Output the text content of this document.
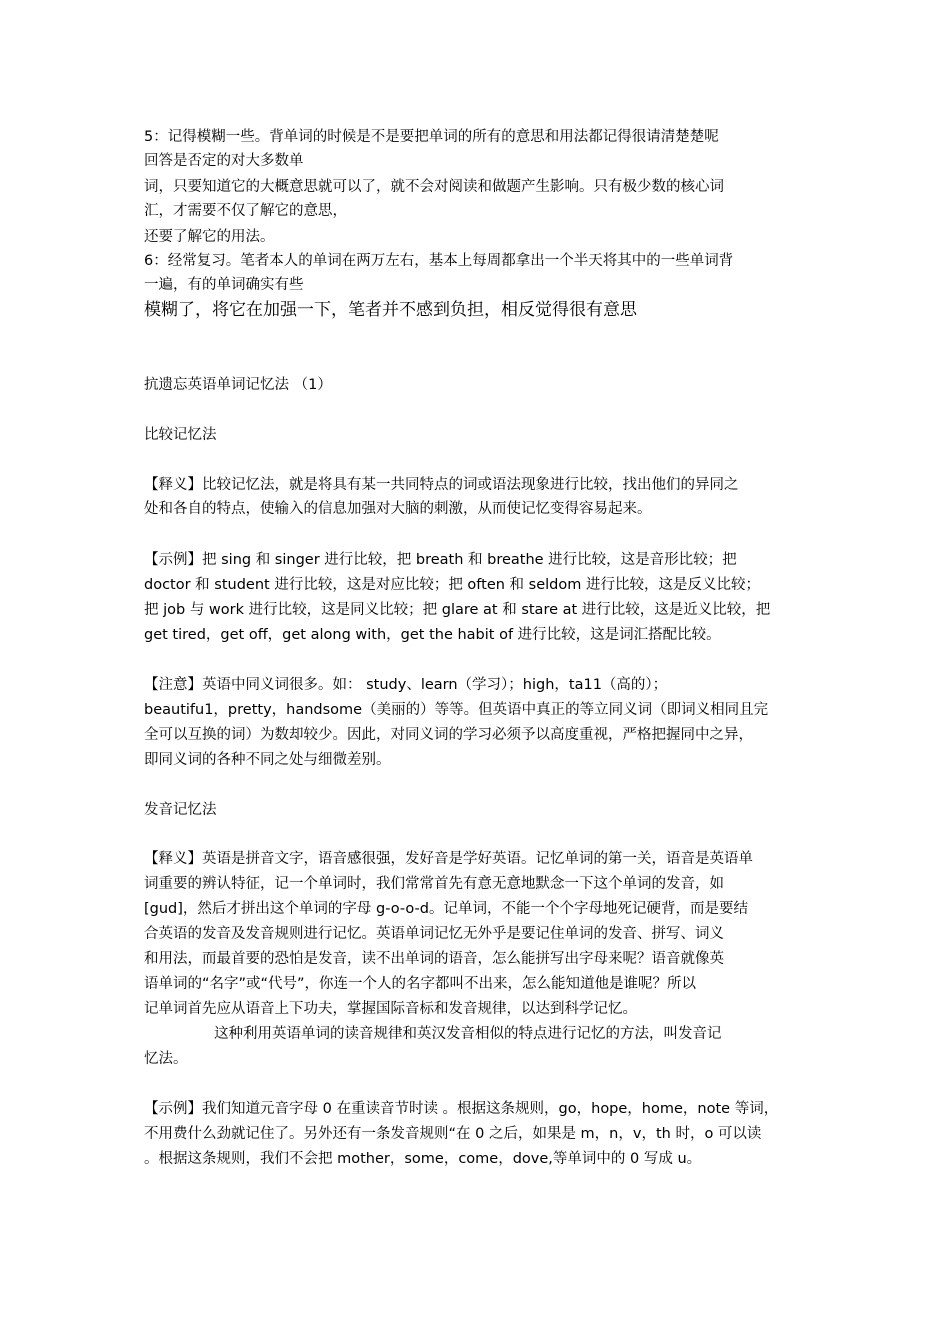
5：记得模糊一些。背单词的时候是不是要把单词的所有的意思和用法都记得很请清楚楚呢
回答是否定的对大多数单
词，只要知道它的大概意思就可以了，就不会对阅读和做题产生影响。只有极少数的核心词
汇，才需要不仅了解它的意思，
还要了解它的用法。
6：经常复习。笔者本人的单词在两万左右，基本上每周都拿出一个半天将其中的一些单词背
一遍，有的单词确实有些
模糊了，将它在加强一下，笔者并不感到负担，相反觉得很有意思
抗遗忘英语单词记忆法 （1）
比较记忆法
【释义】比较记忆法，就是将具有某一共同特点的词或语法现象进行比较，找出他们的异同之
处和各自的特点，使输入的信息加强对大脑的刺激，从而使记忆变得容易起来。
【示例】把 sing 和 singer 进行比较，把 breath 和 breathe 进行比较，这是音形比较；把
doctor 和 student 进行比较，这是对应比较；把 often 和 seldom 进行比较，这是反义比较；
把 job 与 work 进行比较，这是同义比较；把 glare at 和 stare at 进行比较，这是近义比较，把
get tired，get off，get along with，get the habit of 进行比较，这是词汇搭配比较。
【注意】英语中同义词很多。如： study、learn（学习）；high，ta11（高的）；
beautifu1，pretty，handsome（美丽的）等等。但英语中真正的等立同义词（即词义相同且完
全可以互换的词）为数却较少。因此，对同义词的学习必须予以高度重视，严格把握同中之异，
即同义词的各种不同之处与细微差别。
发音记忆法
【释义】英语是拼音文字，语音感很强，发好音是学好英语。记忆单词的第一关，语音是英语单
词重要的辨认特征，记一个单词时，我们常常首先有意无意地默念一下这个单词的发音，如
[gud]，然后才拼出这个单词的字母 g-o-o-d。记单词，不能一个个字母地死记硬背，而是要结
合英语的发音及发音规则进行记忆。英语单词记忆无外乎是要记住单词的发音、拼写、词义
和用法，而最首要的恐怕是发音，读不出单词的语音，怎么能拼写出字母来呢？语音就像英
语单词的“名字”或“代号”，你连一个人的名字都叫不出来，怎么能知道他是谁呢？所以
记单词首先应从语音上下功夫，掌握国际音标和发音规律，以达到科学记忆。
这种利用英语单词的读音规律和英汉发音相似的特点进行记忆的方法，叫发音记
忆法。
【示例】我们知道元音字母 0 在重读音节时读 。根据这条规则，go，hope，home，note 等词，
不用费什么劲就记住了。另外还有一条发音规则“在 0 之后，如果是 m，n，v，th 时，o 可以读
。根据这条规则，我们不会把 mother，some，come，dove,等单词中的 0 写成 u。
